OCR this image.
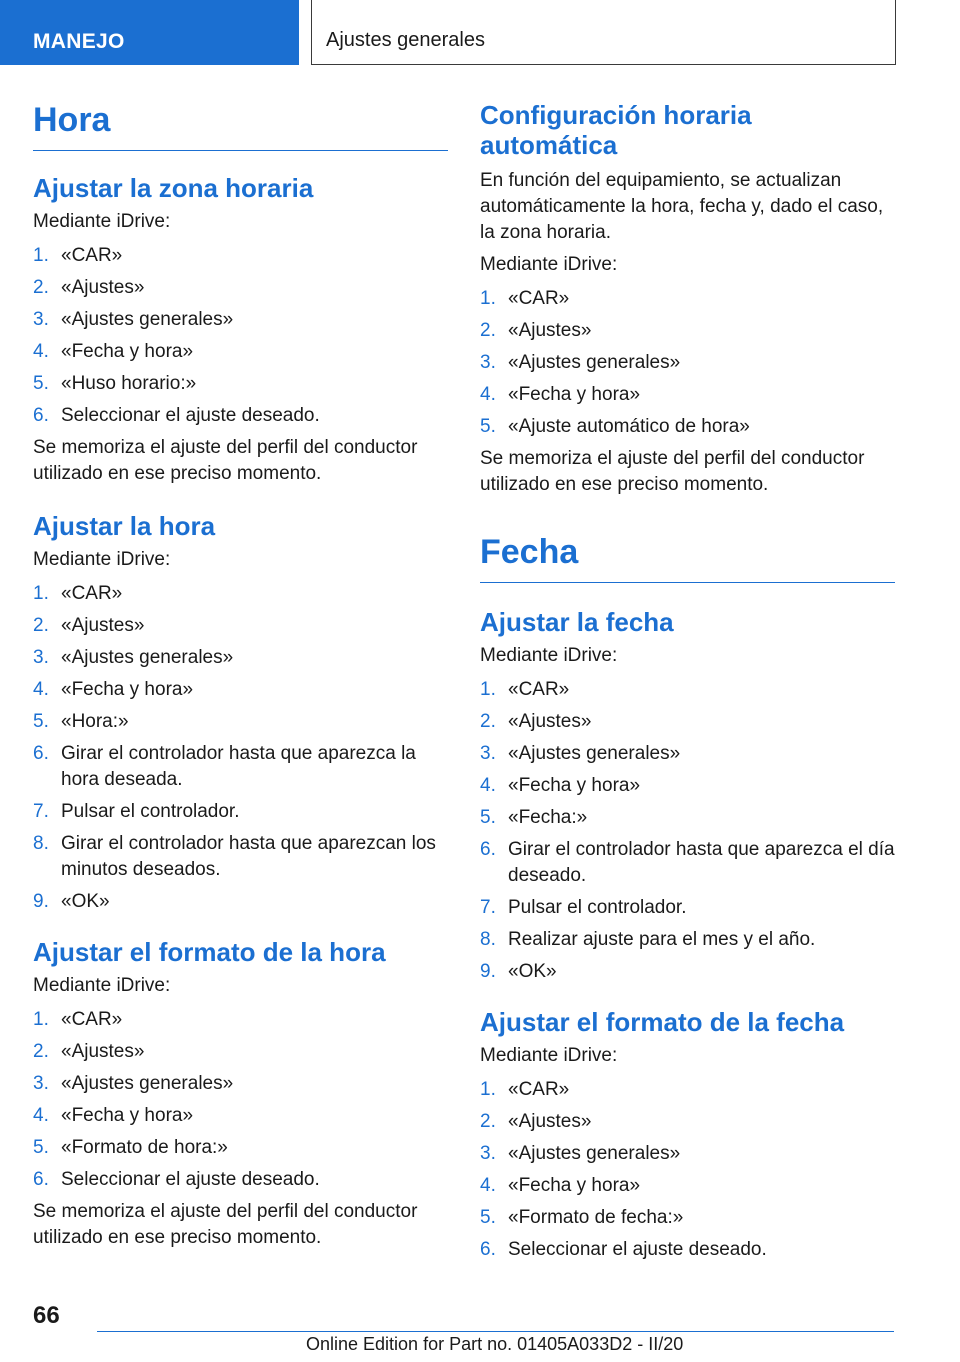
MANEJO	Ajustes generales
Hora
Ajustar la zona horaria

Mediante iDrive:

1. «CAR»
2. «Ajustes»
3. «Ajustes generales»
4. «Fecha y hora»
5. «Huso horario:»
6. Seleccionar el ajuste deseado.

Se memoriza el ajuste del perfil del conductor utilizado en ese preciso momento.

Ajustar la hora

Mediante iDrive:

1. «CAR»
2. «Ajustes»
3. «Ajustes generales»
4. «Fecha y hora»
5. «Hora:»
6. Girar el controlador hasta que aparezca la hora deseada.
7. Pulsar el controlador.
8. Girar el controlador hasta que aparezcan los minutos deseados.
9. «OK»
Ajustar el formato de la hora

Mediante iDrive:

1. «CAR»
2. «Ajustes»
3. «Ajustes generales»
4. «Fecha y hora»
5. «Formato de hora:»
6. Seleccionar el ajuste deseado.

Se memoriza el ajuste del perfil del conductor utilizado en ese preciso momento.

Configuración horaria automática

En función del equipamiento, se actualizan automáticamente la hora, fecha y, dado el caso, la zona horaria.

Mediante iDrive:

1. «CAR»
2. «Ajustes»
3. «Ajustes generales»
4. «Fecha y hora»
5. «Ajuste automático de hora»

Se memoriza el ajuste del perfil del conductor utilizado en ese preciso momento.

Fecha
Ajustar la fecha

Mediante iDrive:

1. «CAR»
2. «Ajustes»
3. «Ajustes generales»
4. «Fecha y hora»
5. «Fecha:»
6. Girar el controlador hasta que aparezca el día deseado.
7. Pulsar el controlador.
8. Realizar ajuste para el mes y el año.
9. «OK»
Ajustar el formato de la fecha

Mediante iDrive:

1. «CAR»
2. «Ajustes»
3. «Ajustes generales»
4. «Fecha y hora»
5. «Formato de fecha:»
6. Seleccionar el ajuste deseado.
66
Online Edition for Part no. 01405A033D2 - II/20
